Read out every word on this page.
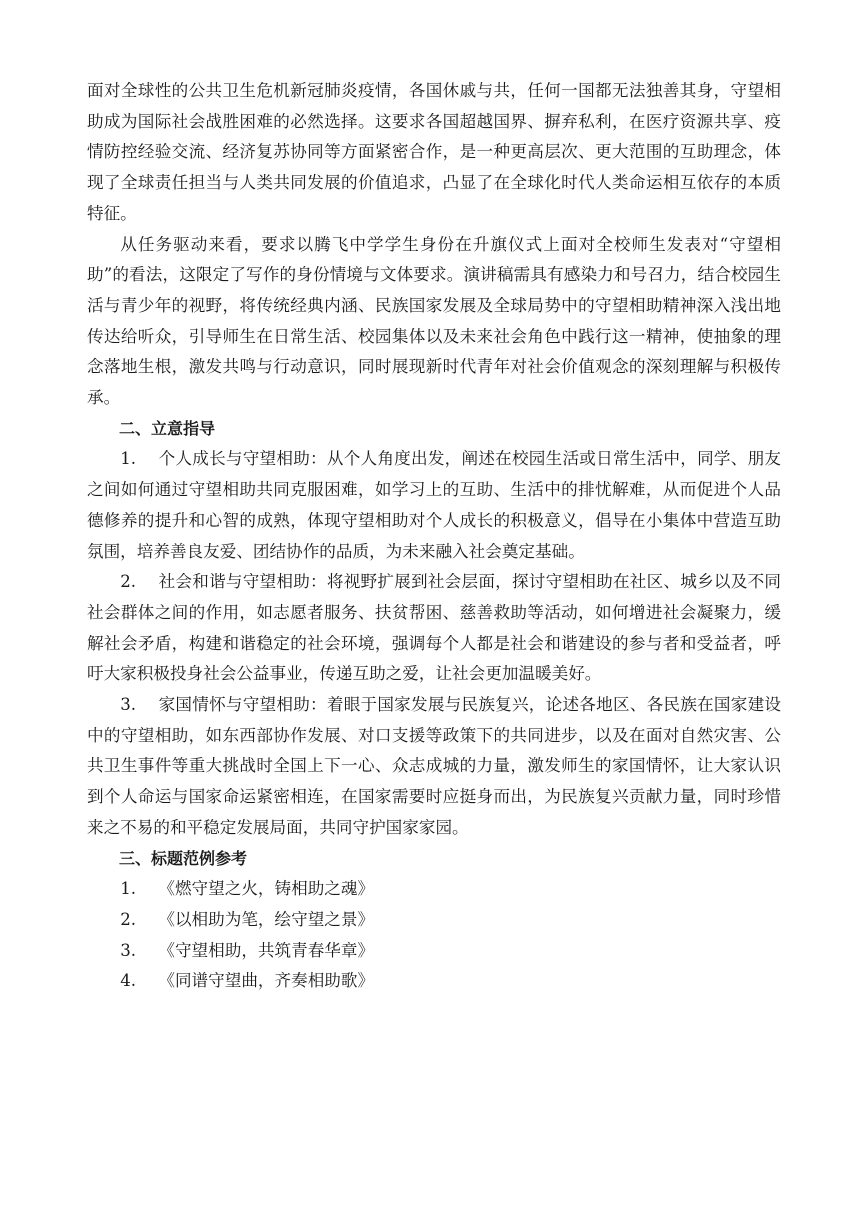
面对全球性的公共卫生危机新冠肺炎疫情，各国休戚与共，任何一国都无法独善其身，守望相助成为国际社会战胜困难的必然选择。这要求各国超越国界、摒弃私利，在医疗资源共享、疫情防控经验交流、经济复苏协同等方面紧密合作，是一种更高层次、更大范围的互助理念，体现了全球责任担当与人类共同发展的价值追求，凸显了在全球化时代人类命运相互依存的本质特征。

从任务驱动来看，要求以腾飞中学学生身份在升旗仪式上面对全校师生发表对“守望相助”的看法，这限定了写作的身份情境与文体要求。演讲稿需具有感染力和号召力，结合校园生活与青少年的视野，将传统经典内涵、民族国家发展及全球局势中的守望相助精神深入浅出地传达给听众，引导师生在日常生活、校园集体以及未来社会角色中践行这一精神，使抽象的理念落地生根，激发共鸣与行动意识，同时展现新时代青年对社会价值观念的深刻理解与积极传承。

二、立意指导

1. 个人成长与守望相助：从个人角度出发，阐述在校园生活或日常生活中，同学、朋友之间如何通过守望相助共同克服困难，如学习上的互助、生活中的排忧解难，从而促进个人品德修养的提升和心智的成熟，体现守望相助对个人成长的积极意义，倡导在小集体中营造互助氛围，培养善良友爱、团结协作的品质，为未来融入社会奠定基础。

2. 社会和谐与守望相助：将视野扩展到社会层面，探讨守望相助在社区、城乡以及不同社会群体之间的作用，如志愿者服务、扶贫帮困、慈善救助等活动，如何增进社会凝聚力，缓解社会矛盾，构建和谐稳定的社会环境，强调每个人都是社会和谐建设的参与者和受益者，呼吁大家积极投身社会公益事业，传递互助之爱，让社会更加温暖美好。

3. 家国情怀与守望相助：着眼于国家发展与民族复兴，论述各地区、各民族在国家建设中的守望相助，如东西部协作发展、对口支援等政策下的共同进步，以及在面对自然灾害、公共卫生事件等重大挑战时全国上下一心、众志成城的力量，激发师生的家国情怀，让大家认识到个人命运与国家命运紧密相连，在国家需要时应挺身而出，为民族复兴贡献力量，同时珍惜来之不易的和平稳定发展局面，共同守护国家家园。

三、标题范例参考

1. 《燃守望之火，铸相助之魂》

2. 《以相助为笔，绘守望之景》

3. 《守望相助，共筑青春华章》

4. 《同谱守望曲，齐奏相助歌》
